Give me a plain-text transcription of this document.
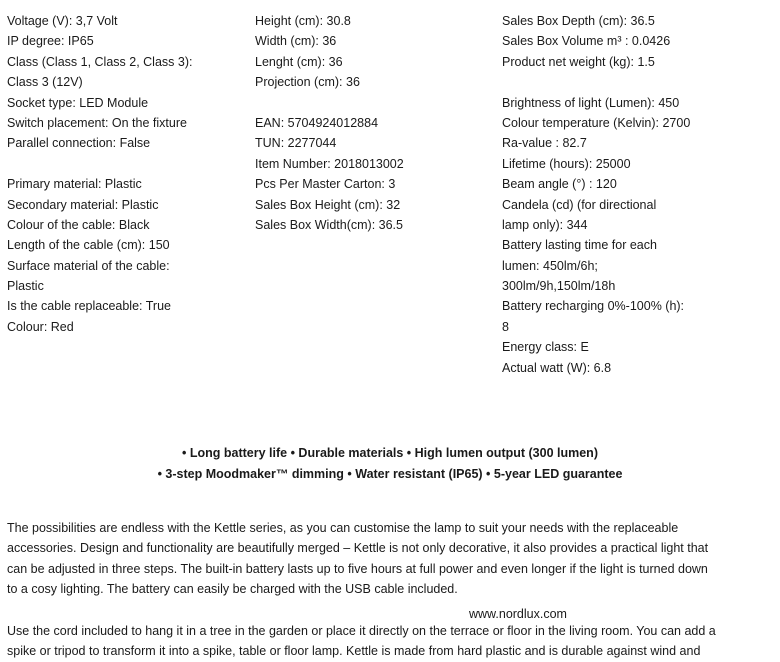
Voltage (V): 3,7 Volt
IP degree: IP65
Class (Class 1, Class 2, Class 3):
Class 3 (12V)
Socket type: LED Module
Switch placement: On the fixture
Parallel connection: False
Primary material: Plastic
Secondary material: Plastic
Colour of the cable: Black
Length of the cable (cm): 150
Surface material of the cable:
Plastic
Is the cable replaceable: True
Colour: Red
Height (cm): 30.8
Width (cm): 36
Lenght (cm): 36
Projection (cm): 36
EAN: 5704924012884
TUN: 2277044
Item Number: 2018013002
Pcs Per Master Carton: 3
Sales Box Height (cm): 32
Sales Box Width(cm): 36.5
Sales Box Depth (cm): 36.5
Sales Box Volume m³ : 0.0426
Product net weight (kg): 1.5
Brightness of light (Lumen): 450
Colour temperature (Kelvin): 2700
Ra-value : 82.7
Lifetime (hours): 25000
Beam angle (°) : 120
Candela (cd) (for directional
lamp only): 344
Battery lasting time for each
lumen: 450lm/6h;
300lm/9h,150lm/18h
Battery recharging 0%-100% (h):
8
Energy class: E
Actual watt (W): 6.8
• Long battery life • Durable materials • High lumen output (300 lumen)
• 3-step Moodmaker™ dimming • Water resistant (IP65) • 5-year LED guarantee
The possibilities are endless with the Kettle series, as you can customise the lamp to suit your needs with the replaceable
accessories. Design and functionality are beautifully merged – Kettle is not only decorative, it also provides a practical light that
can be adjusted in three steps. The built-in battery lasts up to five hours at full power and even longer if the light is turned down
to a cosy lighting. The battery can easily be charged with the USB cable included.
www.nordlux.com
Use the cord included to hang it in a tree in the garden or place it directly on the terrace or floor in the living room. You can add a
spike or tripod to transform it into a spike, table or floor lamp. Kettle is made from hard plastic and is durable against wind and
